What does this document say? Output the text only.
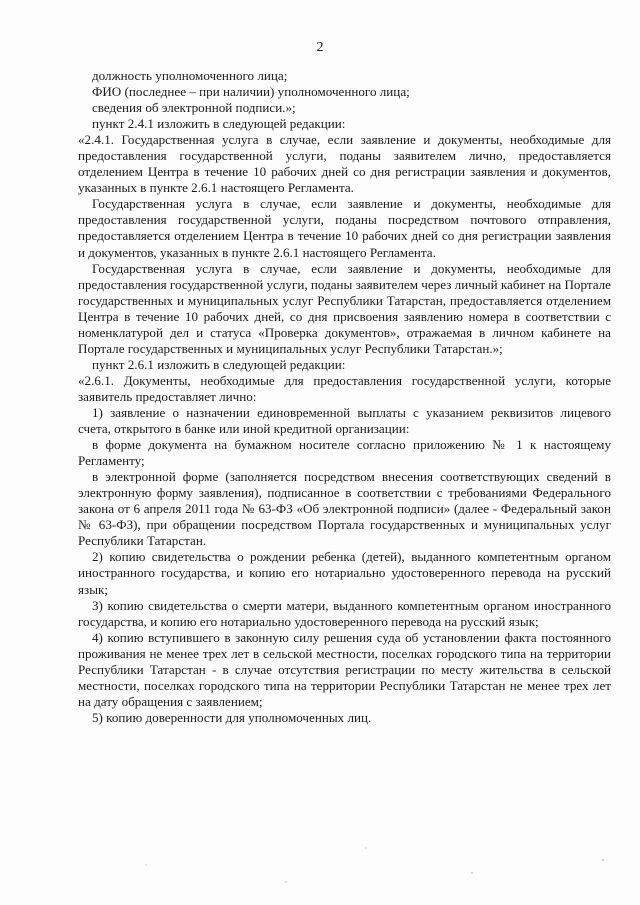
2

должность уполномоченного лица;

ФИО (последнее – при наличии) уполномоченного лица;

сведения об электронной подписи.»;

пункт 2.4.1 изложить в следующей редакции:

«2.4.1. Государственная услуга в случае, если заявление и документы, необходимые для предоставления государственной услуги, поданы заявителем лично, предоставляется отделением Центра в течение 10 рабочих дней со дня регистрации заявления и документов, указанных в пункте 2.6.1 настоящего Регламента.

Государственная услуга в случае, если заявление и документы, необходимые для предоставления государственной услуги, поданы посредством почтового отправления, предоставляется отделением Центра в течение 10 рабочих дней со дня регистрации заявления и документов, указанных в пункте 2.6.1 настоящего Регламента.

Государственная услуга в случае, если заявление и документы, необходимые для предоставления государственной услуги, поданы заявителем через личный кабинет на Портале государственных и муниципальных услуг Республики Татарстан, предоставляется отделением Центра в течение 10 рабочих дней, со дня присвоения заявлению номера в соответствии с номенклатурой дел и статуса «Проверка документов», отражаемая в личном кабинете на Портале государственных и муниципальных услуг Республики Татарстан.»;

пункт 2.6.1 изложить в следующей редакции:

«2.6.1. Документы, необходимые для предоставления государственной услуги, которые заявитель предоставляет лично:

1) заявление о назначении единовременной выплаты с указанием реквизитов лицевого счета, открытого в банке или иной кредитной организации:

в форме документа на бумажном носителе согласно приложению № 1 к настоящему Регламенту;

в электронной форме (заполняется посредством внесения соответствующих сведений в электронную форму заявления), подписанное в соответствии с требованиями Федерального закона от 6 апреля 2011 года № 63-ФЗ «Об электронной подписи» (далее - Федеральный закон № 63-ФЗ), при обращении посредством Портала государственных и муниципальных услуг Республики Татарстан.

2) копию свидетельства о рождении ребенка (детей), выданного компетентным органом иностранного государства, и копию его нотариально удостоверенного перевода на русский язык;

3) копию свидетельства о смерти матери, выданного компетентным органом иностранного государства, и копию его нотариально удостоверенного перевода на русский язык;

4) копию вступившего в законную силу решения суда об установлении факта постоянного проживания не менее трех лет в сельской местности, поселках городского типа на территории Республики Татарстан - в случае отсутствия регистрации по месту жительства в сельской местности, поселках городского типа на территории Республики Татарстан не менее трех лет на дату обращения с заявлением;

5) копию доверенности для уполномоченных лиц.
